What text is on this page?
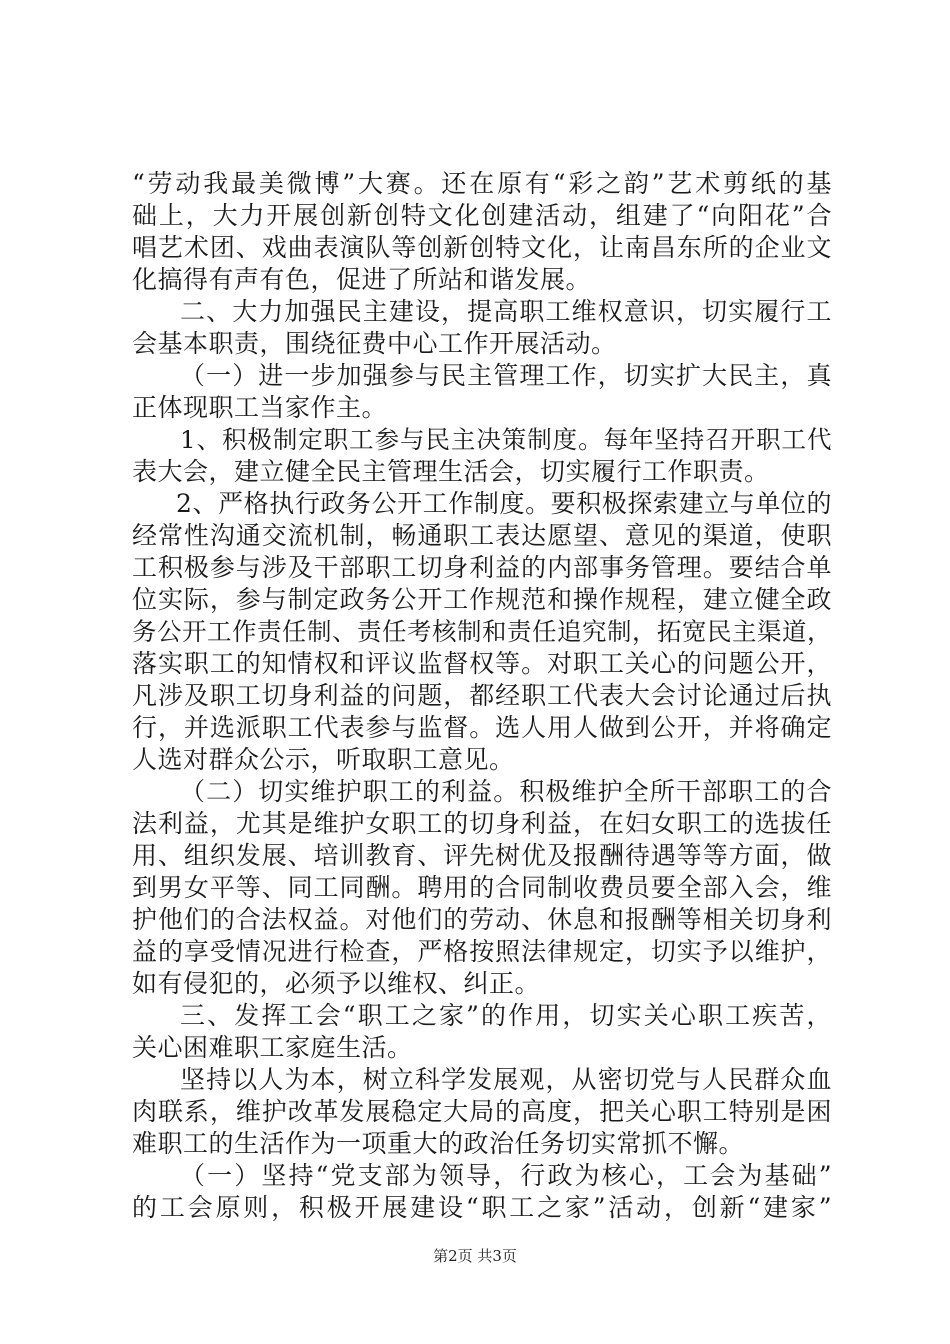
“劳动我最美微博”大赛。还在原有“彩之韵”艺术剪纸的基
础上，大力开展创新创特文化创建活动，组建了“向阳花”合
唱艺术团、戏曲表演队等创新创特文化，让南昌东所的企业文
化搞得有声有色，促进了所站和谐发展。
二、大力加强民主建设，提高职工维权意识，切实履行工
会基本职责，围绕征费中心工作开展活动。
（一）进一步加强参与民主管理工作，切实扩大民主，真
正体现职工当家作主。
1、积极制定职工参与民主决策制度。每年坚持召开职工代
表大会，建立健全民主管理生活会，切实履行工作职责。
2、严格执行政务公开工作制度。要积极探索建立与单位的
经常性沟通交流机制，畅通职工表达愿望、意见的渠道，使职
工积极参与涉及干部职工切身利益的内部事务管理。要结合单
位实际，参与制定政务公开工作规范和操作规程，建立健全政
务公开工作责任制、责任考核制和责任追究制，拓宽民主渠道，
落实职工的知情权和评议监督权等。对职工关心的问题公开，
凡涉及职工切身利益的问题，都经职工代表大会讨论通过后执
行，并选派职工代表参与监督。选人用人做到公开，并将确定
人选对群众公示，听取职工意见。
（二）切实维护职工的利益。积极维护全所干部职工的合
法利益，尤其是维护女职工的切身利益，在妇女职工的选拔任
用、组织发展、培训教育、评先树优及报酬待遇等等方面，做
到男女平等、同工同酬。聘用的合同制收费员要全部入会，维
护他们的合法权益。对他们的劳动、休息和报酬等相关切身利
益的享受情况进行检查，严格按照法律规定，切实予以维护，
如有侵犯的，必须予以维权、纠正。
三、发挥工会“职工之家”的作用，切实关心职工疾苦，
关心困难职工家庭生活。
坚持以人为本，树立科学发展观，从密切党与人民群众血
肉联系，维护改革发展稳定大局的高度，把关心职工特别是困
难职工的生活作为一项重大的政治任务切实常抓不懈。
（一）坚持“党支部为领导，行政为核心，工会为基础”
的工会原则，积极开展建设“职工之家”活动，创新“建家”
第2页 共3页
